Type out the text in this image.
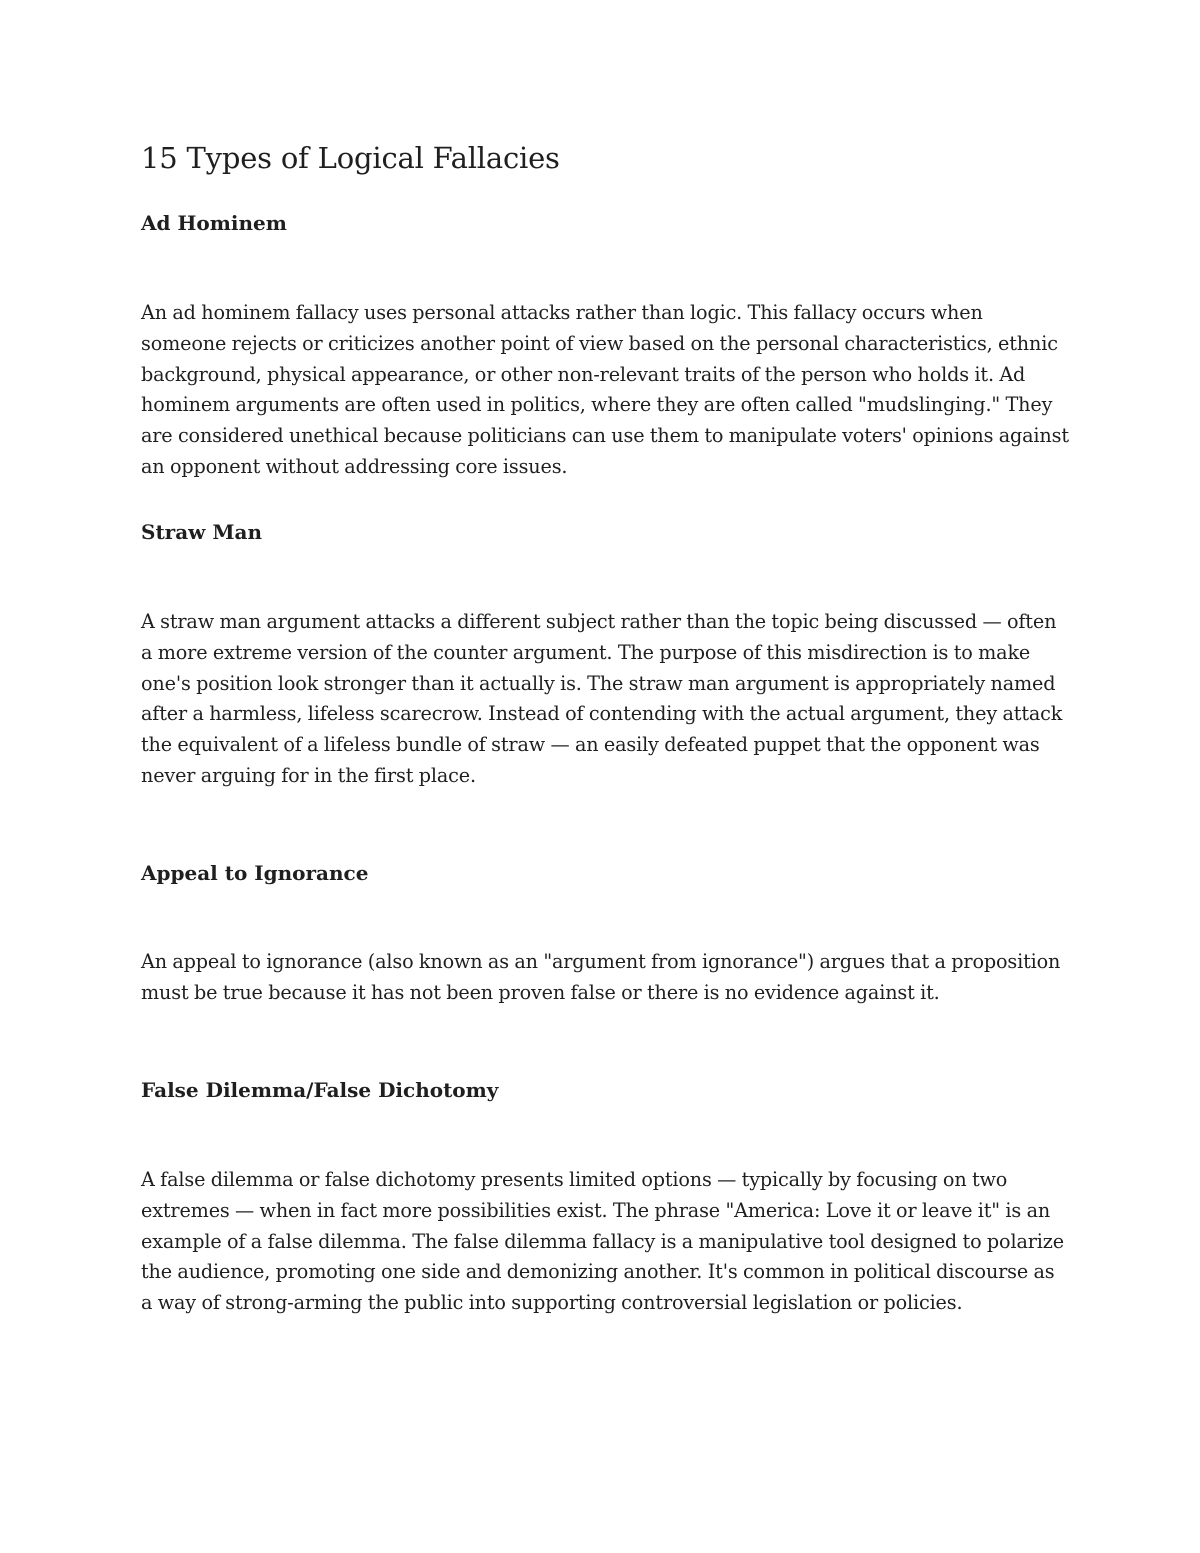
15 Types of Logical Fallacies
Ad Hominem

An ad hominem fallacy uses personal attacks rather than logic. This fallacy occurs when someone rejects or criticizes another point of view based on the personal characteristics, ethnic background, physical appearance, or other non-relevant traits of the person who holds it. Ad hominem arguments are often used in politics, where they are often called "mudslinging." They are considered unethical because politicians can use them to manipulate voters' opinions against an opponent without addressing core issues.

Straw Man

A straw man argument attacks a different subject rather than the topic being discussed — often a more extreme version of the counter argument. The purpose of this misdirection is to make one's position look stronger than it actually is. The straw man argument is appropriately named after a harmless, lifeless scarecrow. Instead of contending with the actual argument, they attack the equivalent of a lifeless bundle of straw — an easily defeated puppet that the opponent was never arguing for in the first place.

Appeal to Ignorance

An appeal to ignorance (also known as an "argument from ignorance") argues that a proposition must be true because it has not been proven false or there is no evidence against it.

False Dilemma/False Dichotomy

A false dilemma or false dichotomy presents limited options — typically by focusing on two extremes — when in fact more possibilities exist. The phrase "America: Love it or leave it" is an example of a false dilemma. The false dilemma fallacy is a manipulative tool designed to polarize the audience, promoting one side and demonizing another. It's common in political discourse as a way of strong-arming the public into supporting controversial legislation or policies.
